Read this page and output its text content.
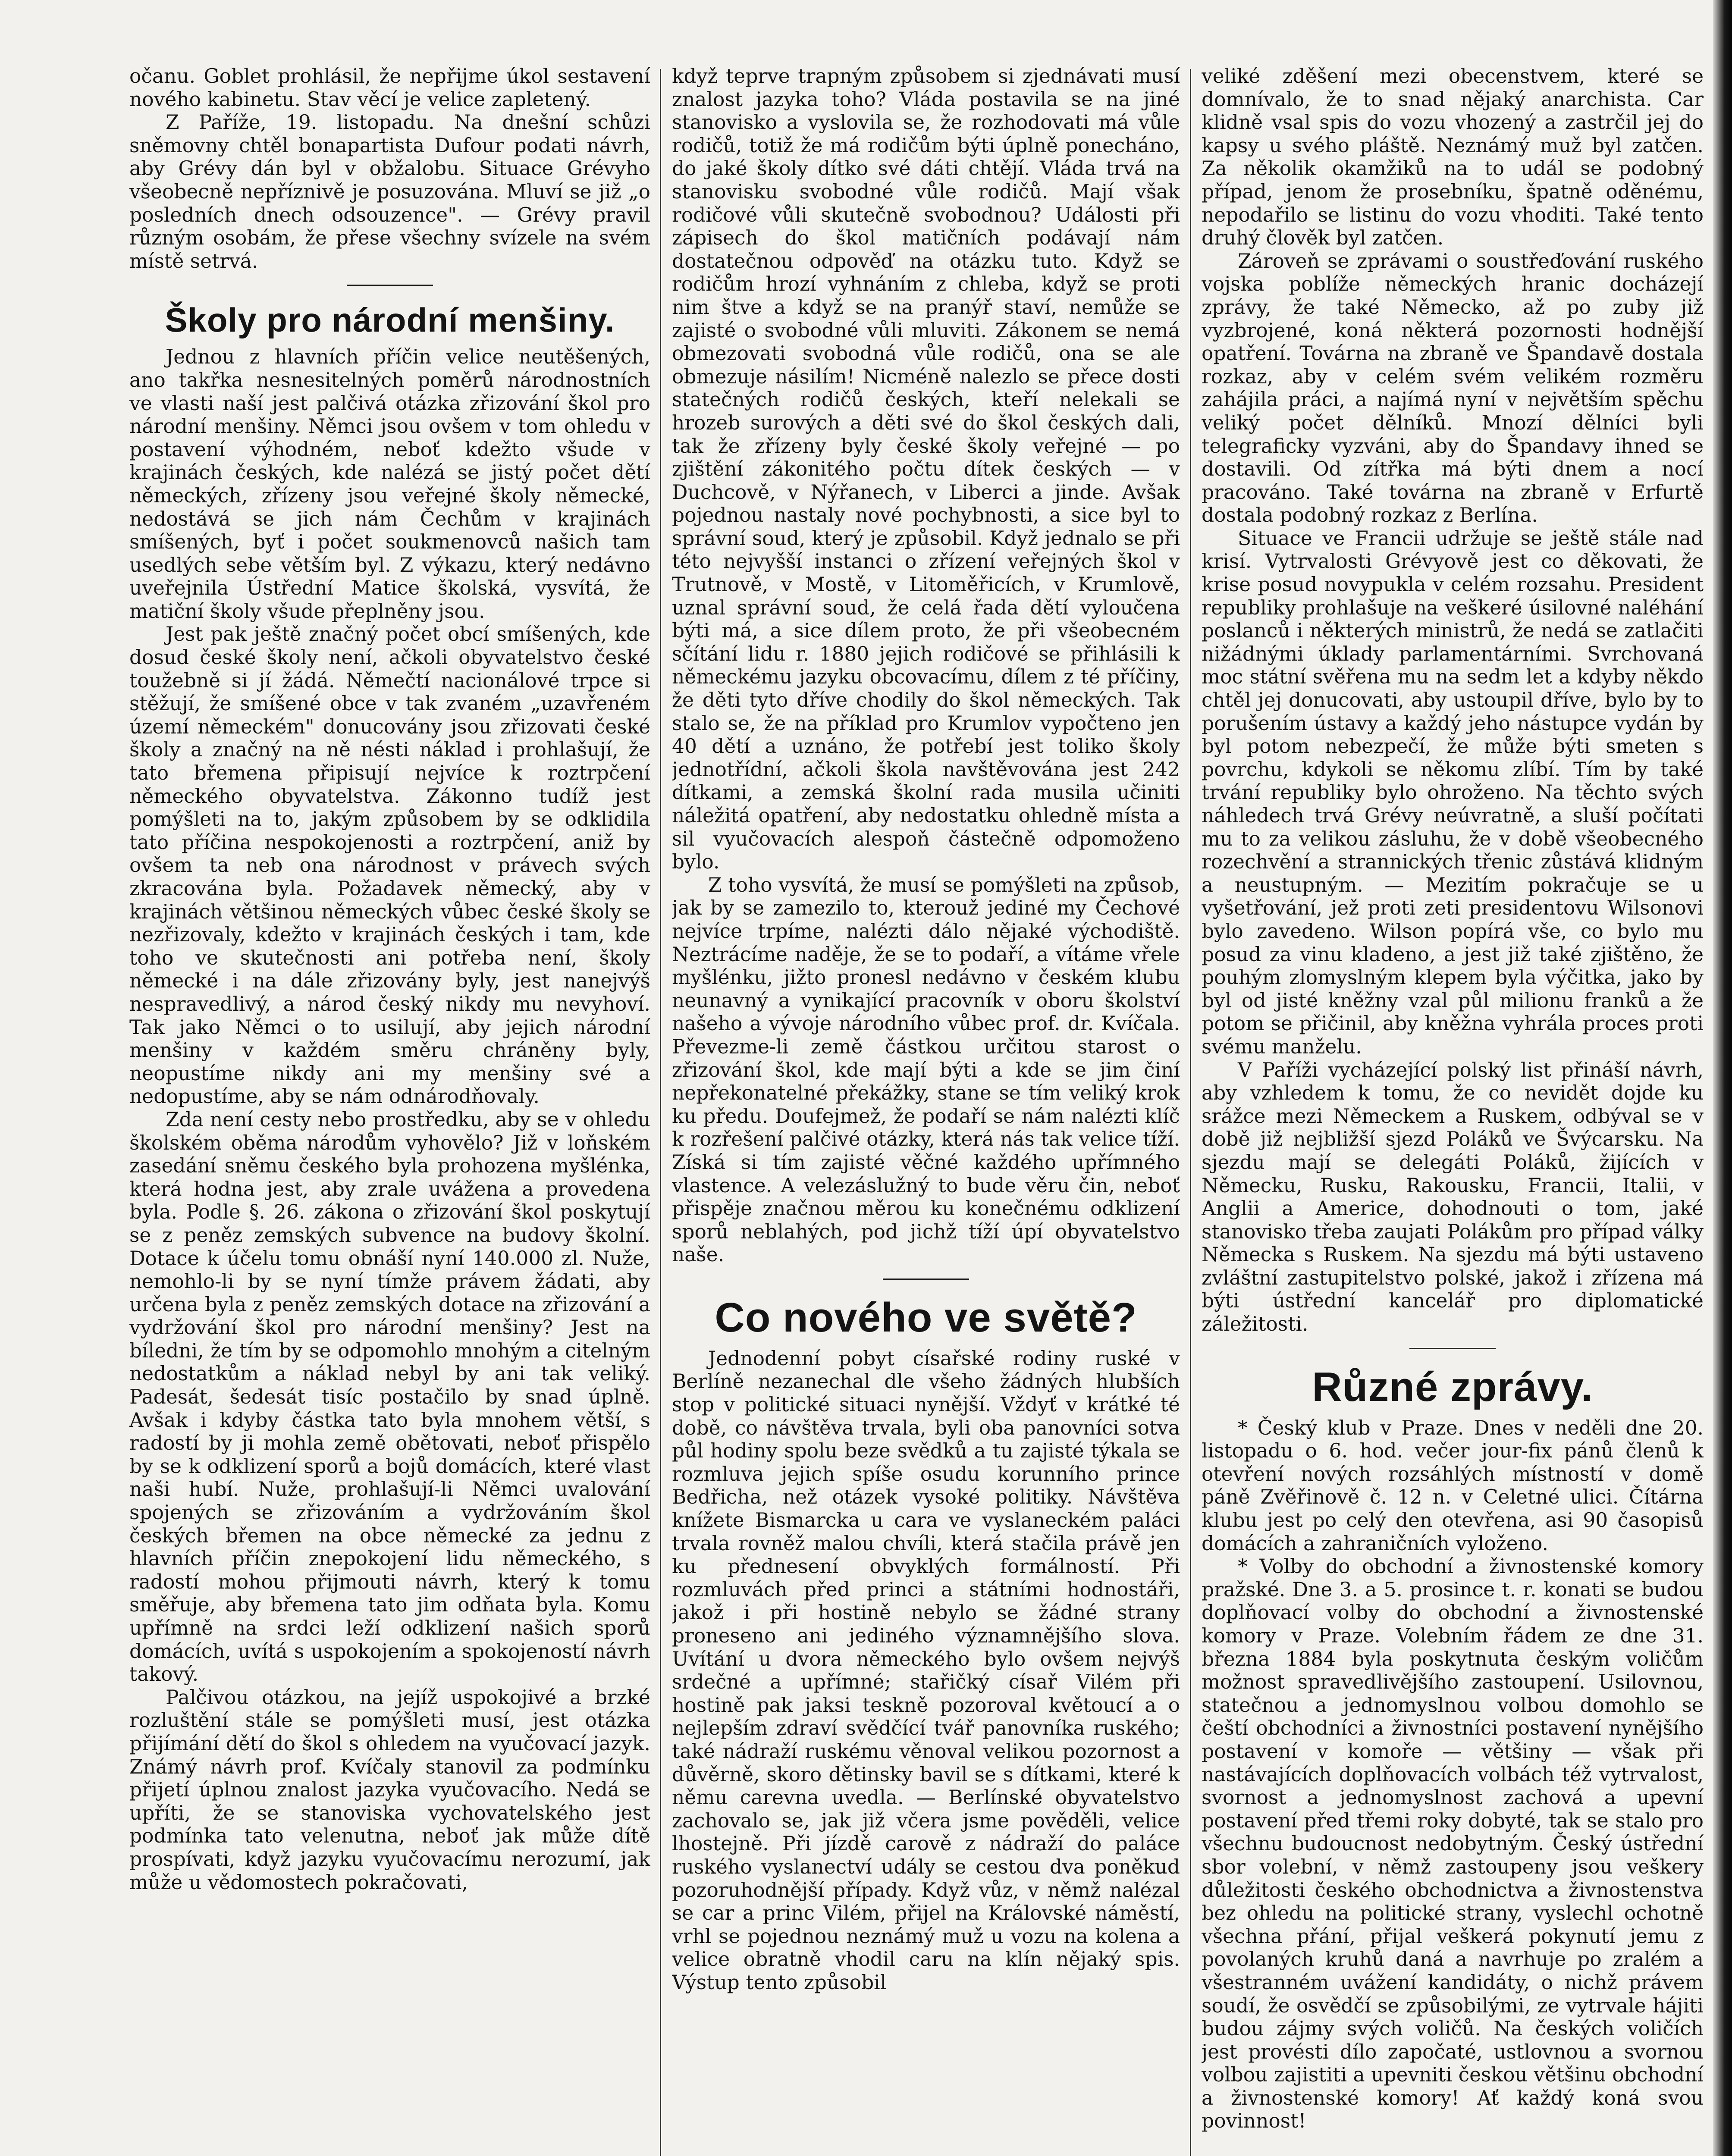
očanu. Goblet prohlásil, že nepřijme úkol sestavení nového kabinetu. Stav věcí je velice zapletený.

Z Paříže, 19. listopadu. Na dnešní schůzi sněmovny chtěl bonapartista Dufour podati návrh, aby Grévy dán byl v obžalobu. Situace Grévyho všeobecně nepříznivě je posuzována. Mluví se již „o posledních dnech odsouzence". — Grévy pravil různým osobám, že přese všechny svízele na svém místě setrvá.

Školy pro národní menšiny.

Jednou z hlavních příčin velice neutěšených, ano takřka nesnesitelných poměrů národnostních ve vlasti naší jest palčivá otázka zřizování škol pro národní menšiny. Němci jsou ovšem v tom ohledu v postavení výhodném, neboť kdežto všude v krajinách českých, kde nalézá se jistý počet dětí německých, zřízeny jsou veřejné školy německé, nedostává se jich nám Čechům v krajinách smíšených, byť i počet soukmenovců našich tam usedlých sebe větším byl. Z výkazu, který nedávno uveřejnila Ústřední Matice školská, vysvítá, že matiční školy všude přeplněny jsou.

Jest pak ještě značný počet obcí smíšených, kde dosud české školy není, ačkoli obyvatelstvo české toužebně si jí žádá. Němečtí nacionálové trpce si stěžují, že smíšené obce v tak zvaném „uzavřeném území německém" donucovány jsou zřizovati české školy a značný na ně nésti náklad i prohlašují, že tato břemena připisují nejvíce k roztrpčení německého obyvatelstva. Zákonno tudíž jest pomýšleti na to, jakým způsobem by se odklidila tato příčina nespokojenosti a roztrpčení, aniž by ovšem ta neb ona národnost v právech svých zkracována byla. Požadavek německý, aby v krajinách většinou německých vůbec české školy se nezřizovaly, kdežto v krajinách českých i tam, kde toho ve skutečnosti ani potřeba není, školy německé i na dále zřizovány byly, jest nanejvýš nespravedlivý, a národ český nikdy mu nevyhoví. Tak jako Němci o to usilují, aby jejich národní menšiny v každém směru chráněny byly, neopustíme nikdy ani my menšiny své a nedopustíme, aby se nám odnárodňovaly.

Zda není cesty nebo prostředku, aby se v ohledu školském oběma národům vyhovělo? Již v loňském zasedání sněmu českého byla prohozena myšlénka, která hodna jest, aby zrale uvážena a provedena byla. Podle §. 26. zákona o zřizování škol poskytují se z peněz zemských subvence na budovy školní. Dotace k účelu tomu obnáší nyní 140.000 zl. Nuže, nemohlo-li by se nyní tímže právem žádati, aby určena byla z peněz zemských dotace na zřizování a vydržování škol pro národní menšiny? Jest na bíledni, že tím by se odpomohlo mnohým a citelným nedostatkům a náklad nebyl by ani tak veliký. Padesát, šedesát tisíc postačilo by snad úplně. Avšak i kdyby částka tato byla mnohem větší, s radostí by ji mohla země obětovati, neboť přispělo by se k odklizení sporů a bojů domácích, které vlast naši hubí. Nuže, prohlašují-li Němci uvalování spojených se zřizováním a vydržováním škol českých břemen na obce německé za jednu z hlavních příčin znepokojení lidu německého, s radostí mohou přijmouti návrh, který k tomu směřuje, aby břemena tato jim odňata byla. Komu upřímně na srdci leží odklizení našich sporů domácích, uvítá s uspokojením a spokojeností návrh takový.

Palčivou otázkou, na jejíž uspokojivé a brzké rozluštění stále se pomýšleti musí, jest otázka přijímání dětí do škol s ohledem na vyučovací jazyk. Známý návrh prof. Kvíčaly stanovil za podmínku přijetí úplnou znalost jazyka vyučovacího. Nedá se upříti, že se stanoviska vychovatelského jest podmínka tato velenutna, neboť jak může dítě prospívati, když jazyku vyučovacímu nerozumí, jak může u vědomostech pokračovati,

když teprve trapným způsobem si zjednávati musí znalost jazyka toho? Vláda postavila se na jiné stanovisko a vyslovila se, že rozhodovati má vůle rodičů, totiž že má rodičům býti úplně ponecháno, do jaké školy dítko své dáti chtějí. Vláda trvá na stanovisku svobodné vůle rodičů. Mají však rodičové vůli skutečně svobodnou? Události při zápisech do škol matičních podávají nám dostatečnou odpověď na otázku tuto. Když se rodičům hrozí vyhnáním z chleba, když se proti nim štve a když se na pranýř staví, nemůže se zajisté o svobodné vůli mluviti. Zákonem se nemá obmezovati svobodná vůle rodičů, ona se ale obmezuje násilím! Nicméně nalezlo se přece dosti statečných rodičů českých, kteří nelekali se hrozeb surových a děti své do škol českých dali, tak že zřízeny byly české školy veřejné — po zjištění zákonitého počtu dítek českých — v Duchcově, v Nýřanech, v Liberci a jinde. Avšak pojednou nastaly nové pochybnosti, a sice byl to správní soud, který je způsobil. Když jednalo se při této nejvyšší instanci o zřízení veřejných škol v Trutnově, v Mostě, v Litoměřicích, v Krumlově, uznal správní soud, že celá řada dětí vyloučena býti má, a sice dílem proto, že při všeobecném sčítání lidu r. 1880 jejich rodičové se přihlásili k německému jazyku obcovacímu, dílem z té příčiny, že děti tyto dříve chodily do škol německých. Tak stalo se, že na příklad pro Krumlov vypočteno jen 40 dětí a uznáno, že potřebí jest toliko školy jednotřídní, ačkoli škola navštěvována jest 242 dítkami, a zemská školní rada musila učiniti náležitá opatření, aby nedostatku ohledně místa a sil vyučovacích alespoň částečně odpomoženo bylo.

Z toho vysvítá, že musí se pomýšleti na způsob, jak by se zamezilo to, kterouž jediné my Čechové nejvíce trpíme, nalézti dálo nějaké východiště. Neztrácíme naděje, že se to podaří, a vítáme vřele myšlénku, jižto pronesl nedávno v českém klubu neunavný a vynikající pracovník v oboru školství našeho a vývoje národního vůbec prof. dr. Kvíčala. Převezme-li země částkou určitou starost o zřizování škol, kde mají býti a kde se jim činí nepřekonatelné překážky, stane se tím veliký krok ku předu. Doufejmež, že podaří se nám nalézti klíč k rozřešení palčivé otázky, která nás tak velice tíží. Získá si tím zajisté věčné každého upřímného vlastence. A velezáslužný to bude věru čin, neboť přispěje značnou měrou ku konečnému odklizení sporů neblahých, pod jichž tíží úpí obyvatelstvo naše.

Co nového ve světě?

Jednodenní pobyt císařské rodiny ruské v Berlíně nezanechal dle všeho žádných hlubších stop v politické situaci nynější. Vždyť v krátké té době, co návštěva trvala, byli oba panovníci sotva půl hodiny spolu beze svědků a tu zajisté týkala se rozmluva jejich spíše osudu korunního prince Bedřicha, než otázek vysoké politiky. Návštěva knížete Bismarcka u cara ve vyslaneckém paláci trvala rovněž malou chvíli, která stačila právě jen ku přednesení obvyklých formálností. Při rozmluvách před princi a státními hodnostáři, jakož i při hostině nebylo se žádné strany proneseno ani jediného významnějšího slova. Uvítání u dvora německého bylo ovšem nejvýš srdečné a upřímné; stařičký císař Vilém při hostině pak jaksi teskně pozoroval květoucí a o nejlepším zdraví svědčící tvář panovníka ruského; také nádraží ruskému věnoval velikou pozornost a důvěrně, skoro dětinsky bavil se s dítkami, které k němu carevna uvedla. — Berlínské obyvatelstvo zachovalo se, jak již včera jsme pověděli, velice lhostejně. Při jízdě carově z nádraží do paláce ruského vyslanectví udály se cestou dva poněkud pozoruhodnější případy. Když vůz, v němž nalézal se car a princ Vilém, přijel na Královské náměstí, vrhl se pojednou neznámý muž u vozu na kolena a velice obratně vhodil caru na klín nějaký spis. Výstup tento způsobil

veliké zděšení mezi obecenstvem, které se domnívalo, že to snad nějaký anarchista. Car klidně vsal spis do vozu vhozený a zastrčil jej do kapsy u svého pláště. Neznámý muž byl zatčen. Za několik okamžiků na to udál se podobný případ, jenom že prosebníku, špatně oděnému, nepodařilo se listinu do vozu vhoditi. Také tento druhý člověk byl zatčen.

Zároveň se zprávami o soustřeďování ruského vojska poblíže německých hranic docházejí zprávy, že také Německo, až po zuby již vyzbrojené, koná některá pozornosti hodnější opatření. Továrna na zbraně ve Špandavě dostala rozkaz, aby v celém svém velikém rozměru zahájila práci, a najímá nyní v největším spěchu veliký počet dělníků. Mnozí dělníci byli telegraficky vyzváni, aby do Špandavy ihned se dostavili. Od zítřka má býti dnem a nocí pracováno. Také továrna na zbraně v Erfurtě dostala podobný rozkaz z Berlína.

Situace ve Francii udržuje se ještě stále nad krisí. Vytrvalosti Grévyově jest co děkovati, že krise posud novypukla v celém rozsahu. President republiky prohlašuje na veškeré úsilovné naléhání poslanců i některých ministrů, že nedá se zatlačiti nižádnými úklady parlamentárními. Svrchovaná moc státní svěřena mu na sedm let a kdyby někdo chtěl jej donucovati, aby ustoupil dříve, bylo by to porušením ústavy a každý jeho nástupce vydán by byl potom nebezpečí, že může býti smeten s povrchu, kdykoli se někomu zlíbí. Tím by také trvání republiky bylo ohroženo. Na těchto svých náhledech trvá Grévy neúvratně, a sluší počítati mu to za velikou zásluhu, že v době všeobecného rozechvění a strannických třenic zůstává klidným a neustupným. — Mezitím pokračuje se u vyšetřování, jež proti zeti presidentovu Wilsonovi bylo zavedeno. Wilson popírá vše, co bylo mu posud za vinu kladeno, a jest již také zjištěno, že pouhým zlomyslným klepem byla výčitka, jako by byl od jisté kněžny vzal půl milionu franků a že potom se přičinil, aby kněžna vyhrála proces proti svému manželu.

V Paříži vycházející polský list přináší návrh, aby vzhledem k tomu, že co nevidět dojde ku srážce mezi Německem a Ruskem, odbýval se v době již nejbližší sjezd Poláků ve Švýcarsku. Na sjezdu mají se delegáti Poláků, žijících v Německu, Rusku, Rakousku, Francii, Italii, v Anglii a Americe, dohodnouti o tom, jaké stanovisko třeba zaujati Polákům pro případ války Německa s Ruskem. Na sjezdu má býti ustaveno zvláštní zastupitelstvo polské, jakož i zřízena má býti ústřední kancelář pro diplomatické záležitosti.

Různé zprávy.

* Český klub v Praze. Dnes v neděli dne 20. listopadu o 6. hod. večer jour-fix pánů členů k otevření nových rozsáhlých místností v domě páně Zvěřinově č. 12 n. v Celetné ulici. Čítárna klubu jest po celý den otevřena, asi 90 časopisů domácích a zahraničních vyloženo.

* Volby do obchodní a živnostenské komory pražské. Dne 3. a 5. prosince t. r. konati se budou doplňovací volby do obchodní a živnostenské komory v Praze. Volebním řádem ze dne 31. března 1884 byla poskytnuta českým voličům možnost spravedlivějšího zastoupení. Usilovnou, statečnou a jednomyslnou volbou domohlo se čeští obchodníci a živnostníci postavení nynějšího postavení v komoře — většiny — však při nastávajících doplňovacích volbách též vytrvalost, svornost a jednomyslnost zachová a upevní postavení před třemi roky dobyté, tak se stalo pro všechnu budoucnost nedobytným. Český ústřední sbor volební, v němž zastoupeny jsou veškery důležitosti českého obchodnictva a živnostenstva bez ohledu na politické strany, vyslechl ochotně všechna přání, přijal veškerá pokynutí jemu z povolaných kruhů daná a navrhuje po zralém a všestranném uvážení kandidáty, o nichž právem soudí, že osvědčí se způsobilými, ze vytrvale hájiti budou zájmy svých voličů. Na českých voličích jest provésti dílo započaté, ustlovnou a svornou volbou zajistiti a upevniti českou většinu obchodní a živnostenské komory! Ať každý koná svou povinnost!
